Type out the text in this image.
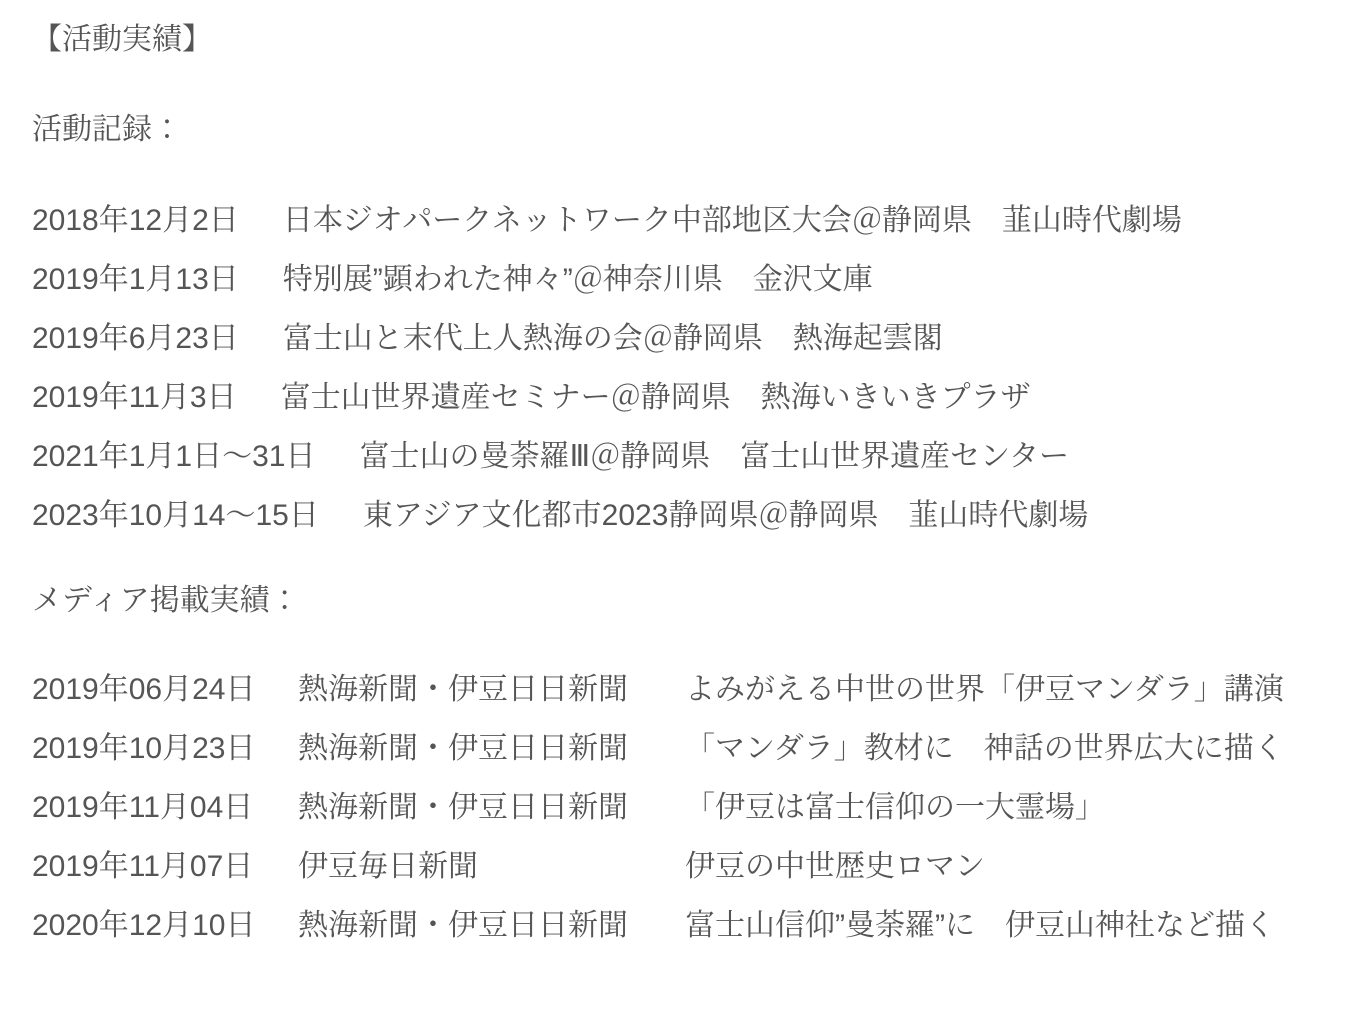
【活動実績】
活動記録：
2018年12月2日 日本ジオパークネットワーク中部地区大会＠静岡県　韮山時代劇場
2019年1月13日 特別展”顕われた神々”＠神奈川県　金沢文庫
2019年6月23日 富士山と末代上人熱海の会＠静岡県　熱海起雲閣
2019年11月3日 富士山世界遺産セミナー＠静岡県　熱海いきいきプラザ
2021年1月1日〜31日 富士山の曼荼羅Ⅲ＠静岡県　富士山世界遺産センター
2023年10月14〜15日 東アジア文化都市2023静岡県＠静岡県　韮山時代劇場
メディア掲載実績：
2019年06月24日	熱海新聞・伊豆日日新聞	よみがえる中世の世界「伊豆マンダラ」講演
2019年10月23日	熱海新聞・伊豆日日新聞	「マンダラ」教材に　神話の世界広大に描く
2019年11月04日	熱海新聞・伊豆日日新聞	「伊豆は富士信仰の一大霊場」
2019年11月07日	伊豆毎日新聞	伊豆の中世歴史ロマン
2020年12月10日	熱海新聞・伊豆日日新聞	富士山信仰”曼荼羅”に　伊豆山神社など描く
